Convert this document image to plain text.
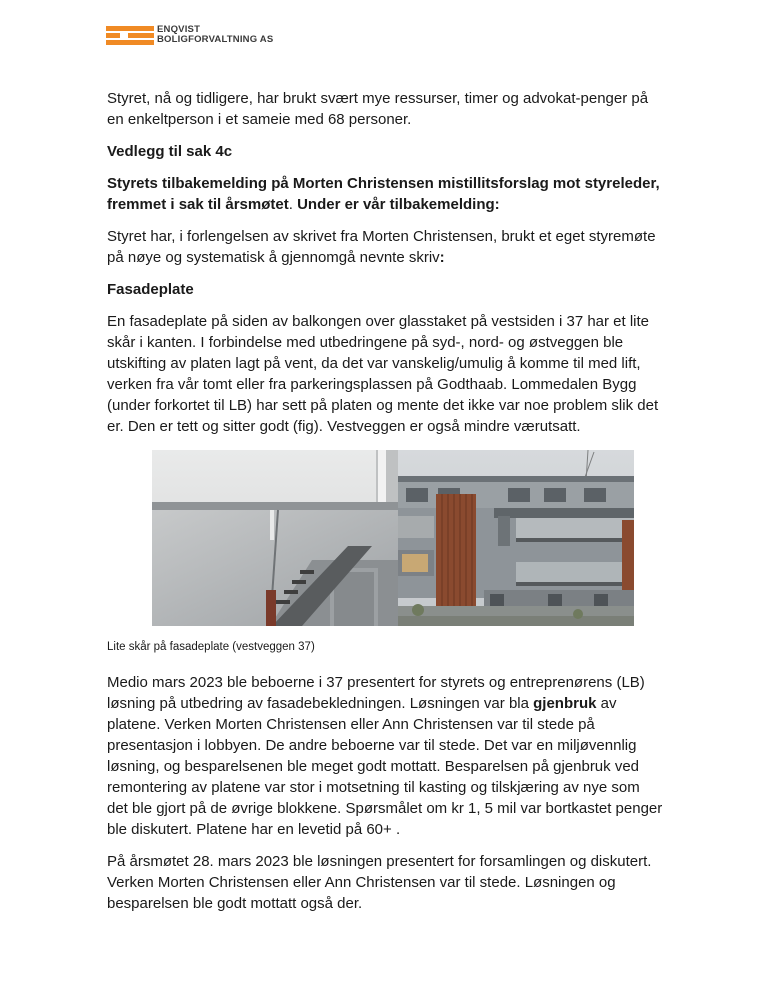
ENQVIST
BOLIGFORVALTNING AS

Styret, nå og tidligere, har brukt svært mye ressurser, timer og advokat-penger på en enkeltperson i et sameie med 68 personer.

Vedlegg til sak 4c

Styrets tilbakemelding på Morten Christensen mistillitsforslag mot styreleder, fremmet i sak til årsmøtet. Under er vår tilbakemelding:

Styret har, i forlengelsen av skrivet fra Morten Christensen, brukt et eget styremøte på nøye og systematisk å gjennomgå nevnte skriv:

Fasadeplate

En fasadeplate på siden av balkongen over glasstaket på vestsiden i 37 har et lite skår i kanten. I forbindelse med utbedringene på syd-, nord- og østveggen ble utskifting av platen lagt på vent, da det var vanskelig/umulig å komme til med lift, verken fra vår tomt eller fra parkeringsplassen på Godthaab. Lommedalen Bygg (under forkortet til LB) har sett på platen og mente det ikke var noe problem slik det er. Den er tett og sitter godt (fig). Vestveggen er også mindre værutsatt.

Lite skår på fasadeplate (vestveggen 37)

Medio mars 2023 ble beboerne i 37 presentert for styrets og entreprenørens (LB) løsning på utbedring av fasadebekledningen. Løsningen var bla gjenbruk av platene. Verken Morten Christensen eller Ann Christensen var til stede på presentasjon i lobbyen. De andre beboerne var til stede. Det var en miljøvennlig løsning, og besparelsenen ble meget godt mottatt. Besparelsen på gjenbruk ved remontering av platene var stor i motsetning til kasting og tilskjæring av nye som det ble gjort på de øvrige blokkene. Spørsmålet om kr 1, 5 mil var bortkastet penger ble diskutert. Platene har en levetid på 60+ .

På årsmøtet 28. mars 2023 ble løsningen presentert for forsamlingen og diskutert. Verken Morten Christensen eller Ann Christensen var til stede. Løsningen og besparelsen ble godt mottatt også der.
